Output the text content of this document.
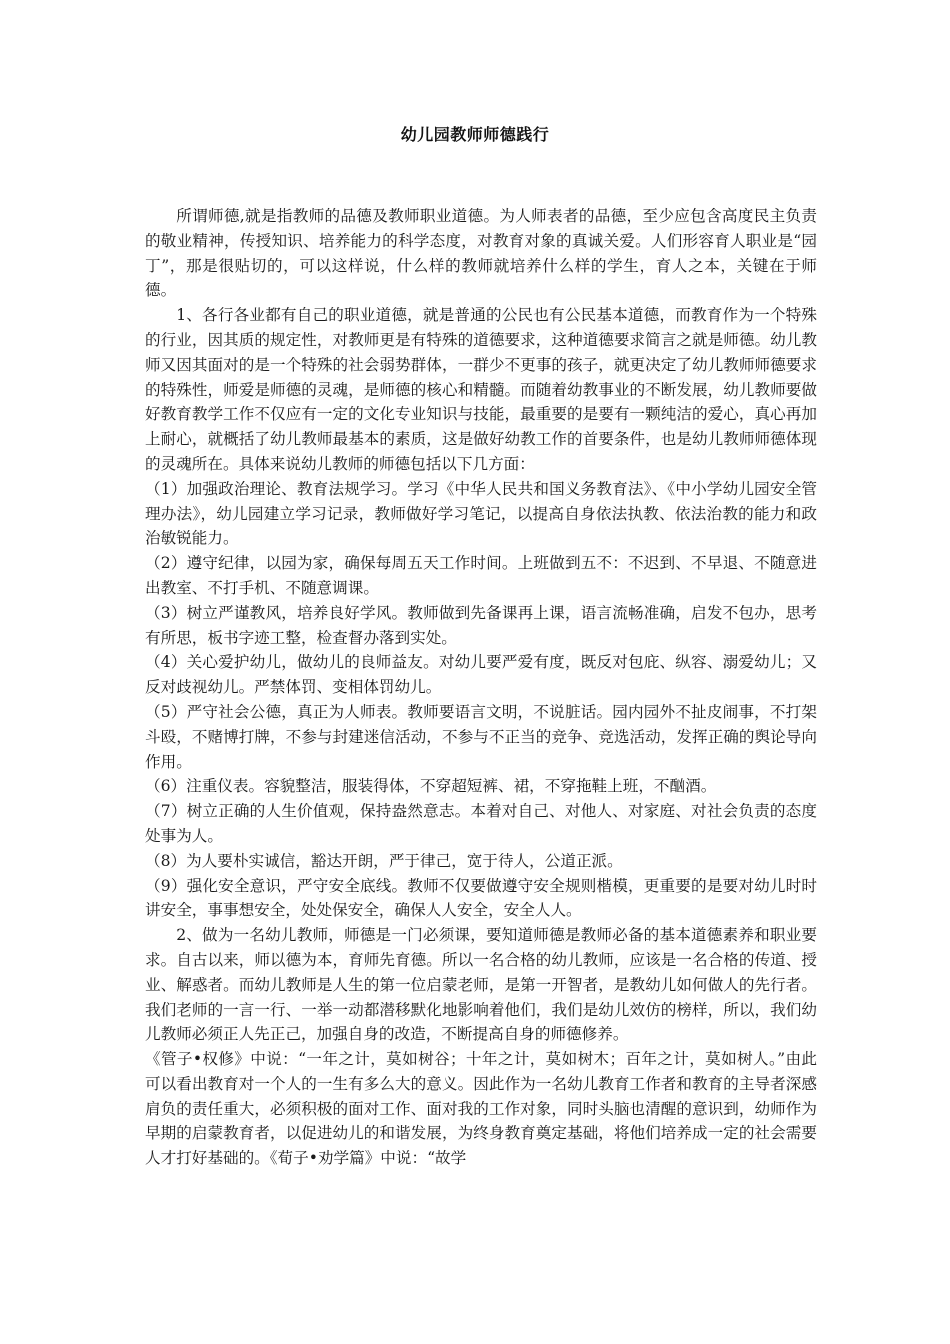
幼儿园教师师德践行

所谓师德,就是指教师的品德及教师职业道德。为人师表者的品德，至少应包含高度民主负责的敬业精神，传授知识、培养能力的科学态度，对教育对象的真诚关爱。人们形容育人职业是“园丁”，那是很贴切的，可以这样说，什么样的教师就培养什么样的学生，育人之本，关键在于师德。

1、各行各业都有自己的职业道德，就是普通的公民也有公民基本道德，而教育作为一个特殊的行业，因其质的规定性，对教师更是有特殊的道德要求，这种道德要求简言之就是师德。幼儿教师又因其面对的是一个特殊的社会弱势群体，一群少不更事的孩子，就更决定了幼儿教师师德要求的特殊性，师爱是师德的灵魂，是师德的核心和精髓。而随着幼教事业的不断发展，幼儿教师要做好教育教学工作不仅应有一定的文化专业知识与技能，最重要的是要有一颗纯洁的爱心，真心再加上耐心，就概括了幼儿教师最基本的素质，这是做好幼教工作的首要条件，也是幼儿教师师德体现的灵魂所在。具体来说幼儿教师的师德包括以下几方面：

（1）加强政治理论、教育法规学习。学习《中华人民共和国义务教育法》、《中小学幼儿园安全管理办法》，幼儿园建立学习记录，教师做好学习笔记，以提高自身依法执教、依法治教的能力和政治敏锐能力。

（2）遵守纪律，以园为家，确保每周五天工作时间。上班做到五不：不迟到、不早退、不随意进出教室、不打手机、不随意调课。

（3）树立严谨教风，培养良好学风。教师做到先备课再上课，语言流畅准确，启发不包办，思考有所思，板书字迹工整，检查督办落到实处。

（4）关心爱护幼儿，做幼儿的良师益友。对幼儿要严爱有度，既反对包庇、纵容、溺爱幼儿；又反对歧视幼儿。严禁体罚、变相体罚幼儿。

（5）严守社会公德，真正为人师表。教师要语言文明，不说脏话。园内园外不扯皮闹事，不打架斗殴，不赌博打牌，不参与封建迷信活动，不参与不正当的竞争、竞选活动，发挥正确的舆论导向作用。

（6）注重仪表。容貌整洁，服装得体，不穿超短裤、裙，不穿拖鞋上班，不酗酒。

（7）树立正确的人生价值观，保持盎然意志。本着对自己、对他人、对家庭、对社会负责的态度处事为人。

（8）为人要朴实诚信，豁达开朗，严于律己，宽于待人，公道正派。

（9）强化安全意识，严守安全底线。教师不仅要做遵守安全规则楷模，更重要的是要对幼儿时时讲安全，事事想安全，处处保安全，确保人人安全，安全人人。

2、做为一名幼儿教师，师德是一门必须课，要知道师德是教师必备的基本道德素养和职业要求。自古以来，师以德为本，育师先育德。所以一名合格的幼儿教师，应该是一名合格的传道、授业、解惑者。而幼儿教师是人生的第一位启蒙老师，是第一开智者，是教幼儿如何做人的先行者。我们老师的一言一行、一举一动都潜移默化地影响着他们，我们是幼儿效仿的榜样，所以，我们幼儿教师必须正人先正己，加强自身的改造，不断提高自身的师德修养。

《管子•权修》中说：“一年之计，莫如树谷；十年之计，莫如树木；百年之计，莫如树人。”由此可以看出教育对一个人的一生有多么大的意义。因此作为一名幼儿教育工作者和教育的主导者深感肩负的责任重大，必须积极的面对工作、面对我的工作对象，同时头脑也清醒的意识到，幼师作为早期的启蒙教育者，以促进幼儿的和谐发展，为终身教育奠定基础，将他们培养成一定的社会需要人才打好基础的。《荀子•劝学篇》中说：“故学
